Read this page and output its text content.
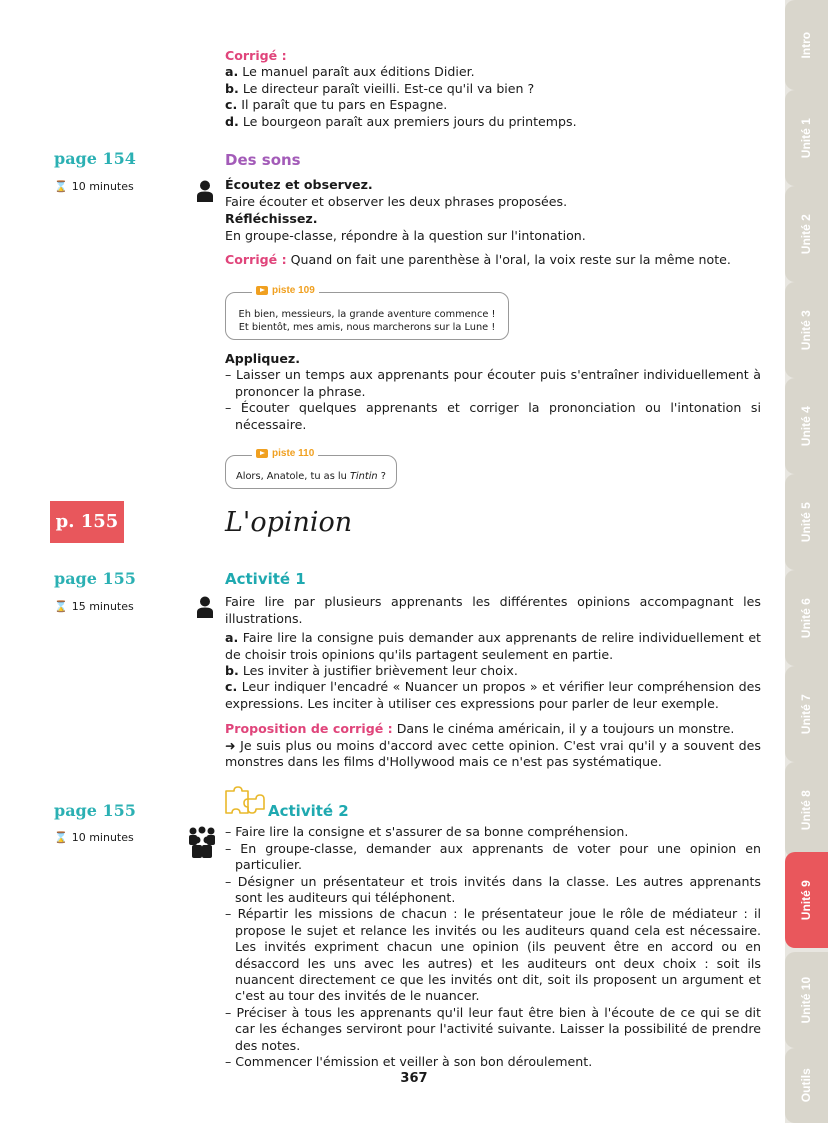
Intro
Unité 1
Unité 2
Unité 3
Unité 4
Unité 5
Unité 6
Unité 7
Unité 8
Unité 9
Unité 10
Outils

Corrigé :

a. Le manuel paraît aux éditions Didier.

b. Le directeur paraît vieilli. Est-ce qu'il va bien ?

c. Il paraît que tu pars en Espagne.

d. Le bourgeon paraît aux premiers jours du printemps.

page 154
⌛ 10 minutes

Des sons

Écoutez et observez.

Faire écouter et observer les deux phrases proposées.

Réfléchissez.

En groupe-classe, répondre à la question sur l'intonation.

Corrigé : Quand on fait une parenthèse à l'oral, la voix reste sur la même note.

piste 109
Eh bien, messieurs, la grande aventure commence !
Et bientôt, mes amis, nous marcherons sur la Lune !

Appliquez.

– Laisser un temps aux apprenants pour écouter puis s'entraîner individuellement à prononcer la phrase.

– Écouter quelques apprenants et corriger la prononciation ou l'intonation si nécessaire.

piste 110
Alors, Anatole, tu as lu Tintin ?
p. 155	L'opinion
page 155
⌛ 15 minutes

Activité 1

Faire lire par plusieurs apprenants les différentes opinions accompagnant les illustrations.

a. Faire lire la consigne puis demander aux apprenants de relire individuellement et de choisir trois opinions qu'ils partagent seulement en partie.

b. Les inviter à justifier brièvement leur choix.

c. Leur indiquer l'encadré « Nuancer un propos » et vérifier leur compréhension des expressions. Les inciter à utiliser ces expressions pour parler de leur exemple.

Proposition de corrigé : Dans le cinéma américain, il y a toujours un monstre.

➜ Je suis plus ou moins d'accord avec cette opinion. C'est vrai qu'il y a souvent des monstres dans les films d'Hollywood mais ce n'est pas systématique.

page 155
⌛ 10 minutes

Activité 2

– Faire lire la consigne et s'assurer de sa bonne compréhension.

– En groupe-classe, demander aux apprenants de voter pour une opinion en particulier.

– Désigner un présentateur et trois invités dans la classe. Les autres apprenants sont les auditeurs qui téléphonent.

– Répartir les missions de chacun : le présentateur joue le rôle de médiateur : il propose le sujet et relance les invités ou les auditeurs quand cela est nécessaire. Les invités expriment chacun une opinion (ils peuvent être en accord ou en désaccord les uns avec les autres) et les auditeurs ont deux choix : soit ils nuancent directement ce que les invités ont dit, soit ils proposent un argument et c'est au tour des invités de le nuancer.

– Préciser à tous les apprenants qu'il leur faut être bien à l'écoute de ce qui se dit car les échanges serviront pour l'activité suivante. Laisser la possibilité de prendre des notes.

– Commencer l'émission et veiller à son bon déroulement.

367
